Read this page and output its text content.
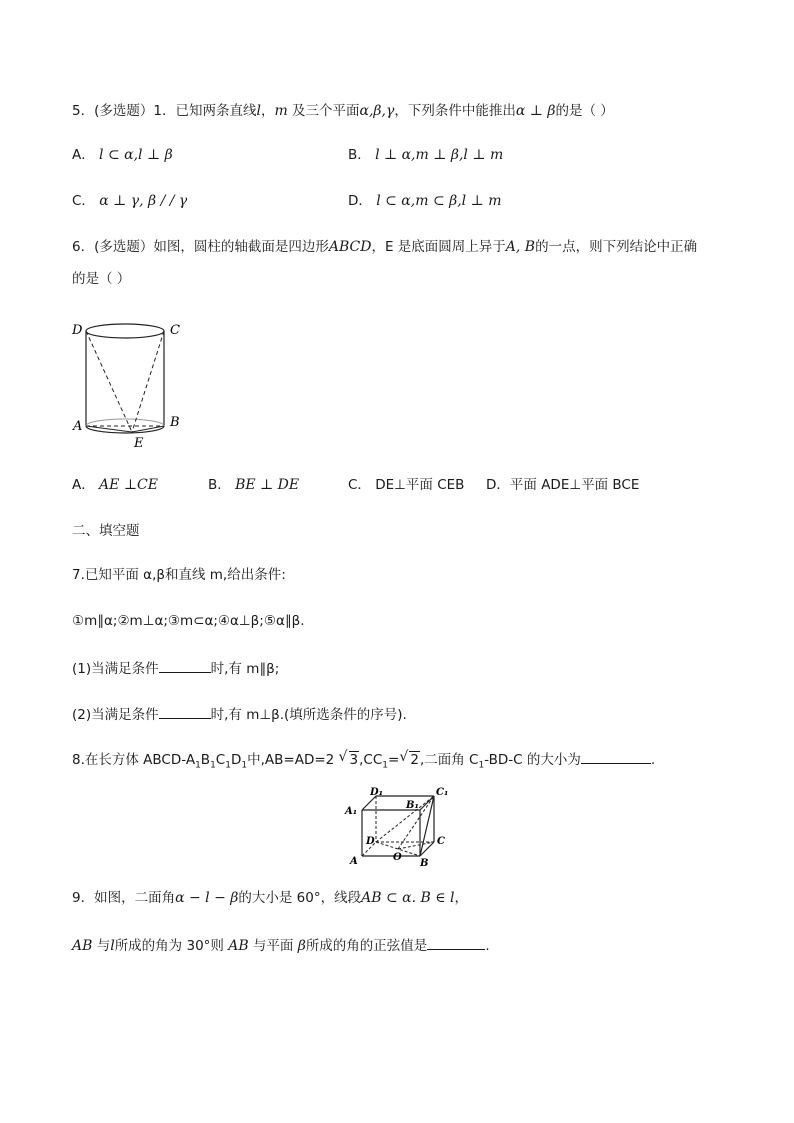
5．(多选题）1．已知两条直线l，m 及三个平面α,β,γ，下列条件中能推出α ⊥ β的是（ ）
A． l ⊂ α,l ⊥ β	B． l ⊥ α,m ⊥ β,l ⊥ m
C． α ⊥ γ, β / / γ	D． l ⊂ α,m ⊂ β,l ⊥ m
6．(多选题）如图，圆柱的轴截面是四边形ABCD，E 是底面圆周上异于A, B的一点，则下列结论中正确
的是（ ）
D	C
A	B
E
A． AE ⊥CE	B． BE ⊥ DE	C． DE⊥平面 CEB D．平面 ADE⊥平面 BCE
二、填空题
7.已知平面 α,β和直线 m,给出条件:
①m∥α;②m⊥α;③m⊂α;④α⊥β;⑤α∥β.
(1)当满足条件	时,有 m∥β;
(2)当满足条件	时,有 m⊥β.(填所选条件的序号).
8.在长方体 ABCD-$A_1B_1C_1D_1$中,AB=AD=2 √ $3,CC_1=√$ 2,二面角 $C_1-BD-C$ 的大小为	.
D₁	C₁
A₁
B₁
D	C
A	B
O
9．如图，二面角α − l − β的大小是 60°，线段AB ⊂ α. B ∈ l，
AB 与l所成的角为 30°则 AB 与平面 β所成的角的正弦值是	.
